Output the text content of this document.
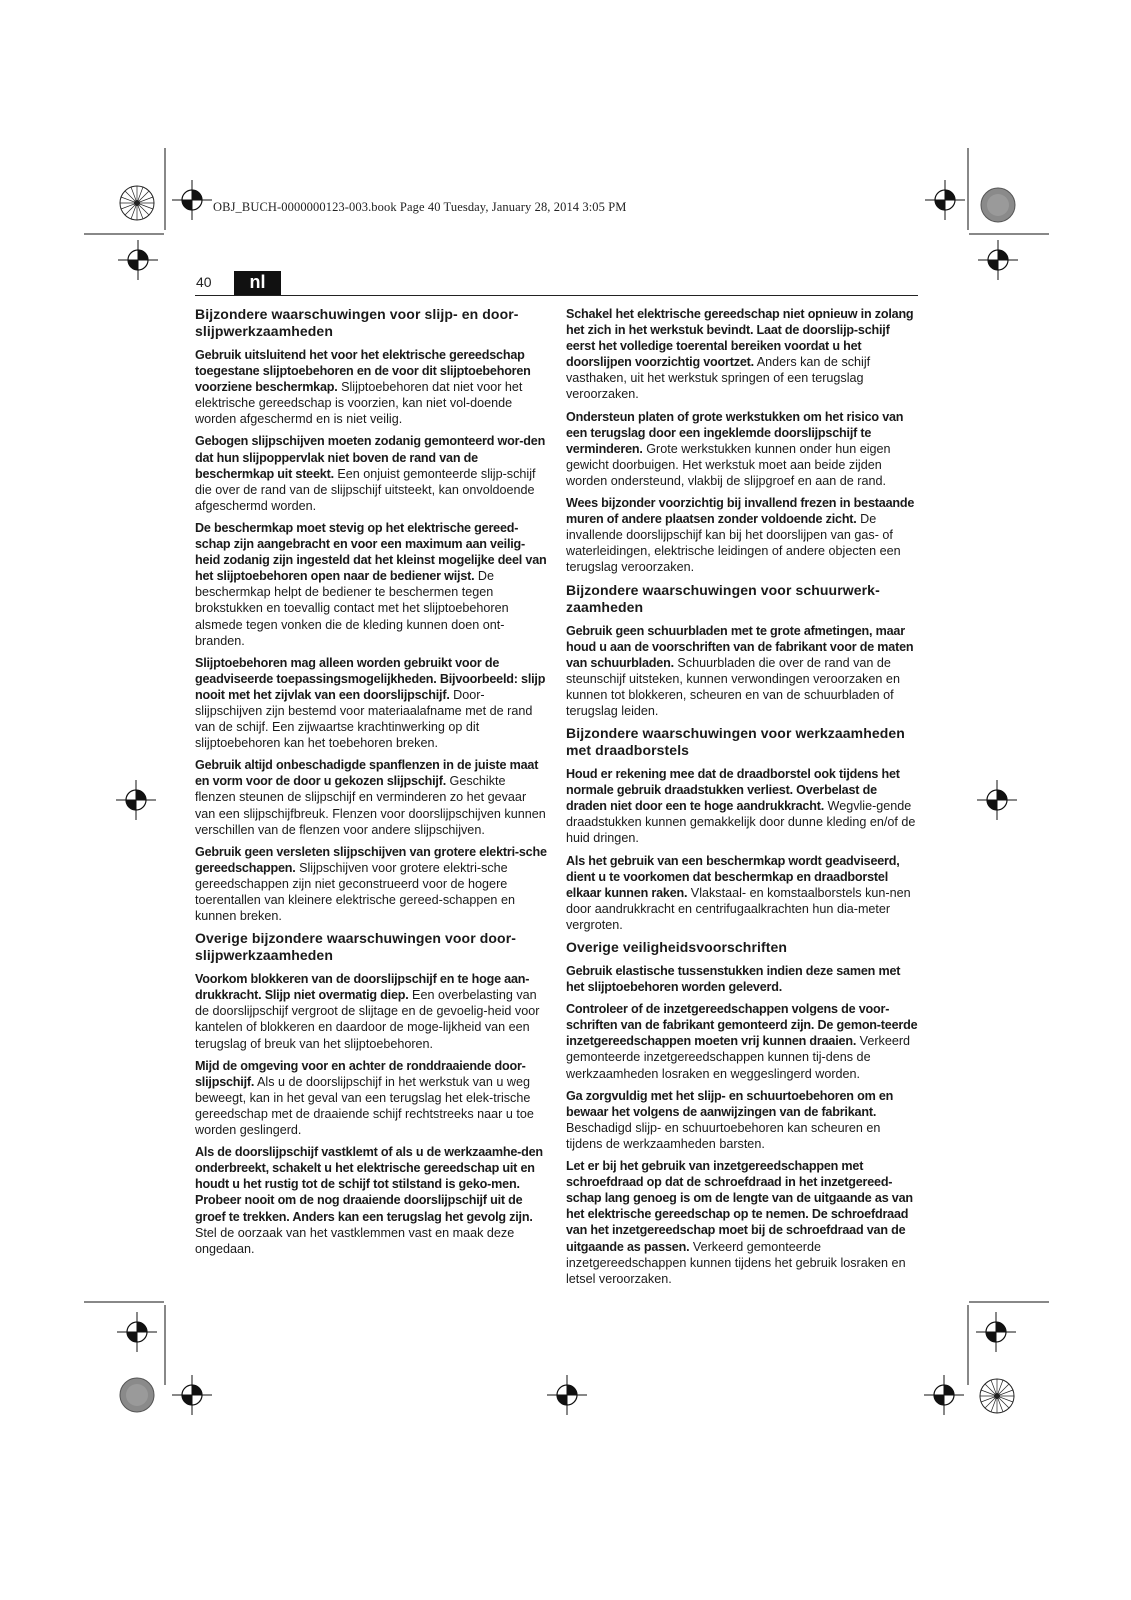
OBJ_BUCH-0000000123-003.book Page 40 Tuesday, January 28, 2014 3:05 PM
40	nl
Bijzondere waarschuwingen voor slijp- en door-slijpwerkzaamheden

Gebruik uitsluitend het voor het elektrische gereedschap toegestane slijptoebehoren en de voor dit slijptoebehoren voorziene beschermkap. Slijptoebehoren dat niet voor het elektrische gereedschap is voorzien, kan niet vol-doende worden afgeschermd en is niet veilig.

Gebogen slijpschijven moeten zodanig gemonteerd wor-den dat hun slijpoppervlak niet boven de rand van de beschermkap uit steekt. Een onjuist gemonteerde slijp-schijf die over de rand van de slijpschijf uitsteekt, kan onvoldoende afgeschermd worden.

De beschermkap moet stevig op het elektrische gereed-schap zijn aangebracht en voor een maximum aan veilig-heid zodanig zijn ingesteld dat het kleinst mogelijke deel van het slijptoebehoren open naar de bediener wijst. De beschermkap helpt de bediener te beschermen tegen brokstukken en toevallig contact met het slijptoebehoren alsmede tegen vonken die de kleding kunnen doen ont-branden.

Slijptoebehoren mag alleen worden gebruikt voor de geadviseerde toepassingsmogelijkheden. Bijvoorbeeld: slijp nooit met het zijvlak van een doorslijpschijf. Door-slijpschijven zijn bestemd voor materiaalafname met de rand van de schijf. Een zijwaartse krachtinwerking op dit slijptoebehoren kan het toebehoren breken.

Gebruik altijd onbeschadigde spanflenzen in de juiste maat en vorm voor de door u gekozen slijpschijf. Geschikte flenzen steunen de slijpschijf en verminderen zo het gevaar van een slijpschijfbreuk. Flenzen voor doorslijpschijven kunnen verschillen van de flenzen voor andere slijpschijven.

Gebruik geen versleten slijpschijven van grotere elektri-sche gereedschappen. Slijpschijven voor grotere elektri-sche gereedschappen zijn niet geconstrueerd voor de hogere toerentallen van kleinere elektrische gereed-schappen en kunnen breken.

Overige bijzondere waarschuwingen voor door-slijpwerkzaamheden

Voorkom blokkeren van de doorslijpschijf en te hoge aan-drukkracht. Slijp niet overmatig diep. Een overbelasting van de doorslijpschijf vergroot de slijtage en de gevoelig-heid voor kantelen of blokkeren en daardoor de moge-lijkheid van een terugslag of breuk van het slijptoebehoren.

Mijd de omgeving voor en achter de ronddraaiende door-slijpschijf. Als u de doorslijpschijf in het werkstuk van u weg beweegt, kan in het geval van een terugslag het elek-trische gereedschap met de draaiende schijf rechtstreeks naar u toe worden geslingerd.

Als de doorslijpschijf vastklemt of als u de werkzaamhe-den onderbreekt, schakelt u het elektrische gereedschap uit en houdt u het rustig tot de schijf tot stilstand is geko-men. Probeer nooit om de nog draaiende doorslijpschijf uit de groef te trekken. Anders kan een terugslag het gevolg zijn. Stel de oorzaak van het vastklemmen vast en maak deze ongedaan.

Schakel het elektrische gereedschap niet opnieuw in zolang het zich in het werkstuk bevindt. Laat de doorslijp-schijf eerst het volledige toerental bereiken voordat u het doorslijpen voorzichtig voortzet. Anders kan de schijf vasthaken, uit het werkstuk springen of een terugslag veroorzaken.

Ondersteun platen of grote werkstukken om het risico van een terugslag door een ingeklemde doorslijpschijf te verminderen. Grote werkstukken kunnen onder hun eigen gewicht doorbuigen. Het werkstuk moet aan beide zijden worden ondersteund, vlakbij de slijpgroef en aan de rand.

Wees bijzonder voorzichtig bij invallend frezen in bestaande muren of andere plaatsen zonder voldoende zicht. De invallende doorslijpschijf kan bij het doorslijpen van gas- of waterleidingen, elektrische leidingen of andere objecten een terugslag veroorzaken.

Bijzondere waarschuwingen voor schuurwerk-zaamheden

Gebruik geen schuurbladen met te grote afmetingen, maar houd u aan de voorschriften van de fabrikant voor de maten van schuurbladen. Schuurbladen die over de rand van de steunschijf uitsteken, kunnen verwondingen veroorzaken en kunnen tot blokkeren, scheuren en van de schuurbladen of terugslag leiden.

Bijzondere waarschuwingen voor werkzaamheden met draadborstels

Houd er rekening mee dat de draadborstel ook tijdens het normale gebruik draadstukken verliest. Overbelast de draden niet door een te hoge aandrukkracht. Wegvlie-gende draadstukken kunnen gemakkelijk door dunne kleding en/of de huid dringen.

Als het gebruik van een beschermkap wordt geadviseerd, dient u te voorkomen dat beschermkap en draadborstel elkaar kunnen raken. Vlakstaal- en komstaalborstels kun-nen door aandrukkracht en centrifugaalkrachten hun dia-meter vergroten.

Overige veiligheidsvoorschriften

Gebruik elastische tussenstukken indien deze samen met het slijptoebehoren worden geleverd.

Controleer of de inzetgereedschappen volgens de voor-schriften van de fabrikant gemonteerd zijn. De gemon-teerde inzetgereedschappen moeten vrij kunnen draaien. Verkeerd gemonteerde inzetgereedschappen kunnen tij-dens de werkzaamheden losraken en weggeslingerd worden.

Ga zorgvuldig met het slijp- en schuurtoebehoren om en bewaar het volgens de aanwijzingen van de fabrikant. Beschadigd slijp- en schuurtoebehoren kan scheuren en tijdens de werkzaamheden barsten.

Let er bij het gebruik van inzetgereedschappen met schroefdraad op dat de schroefdraad in het inzetgereed-schap lang genoeg is om de lengte van de uitgaande as van het elektrische gereedschap op te nemen. De schroefdraad van het inzetgereedschap moet bij de schroefdraad van de uitgaande as passen. Verkeerd gemonteerde inzetgereedschappen kunnen tijdens het gebruik losraken en letsel veroorzaken.
